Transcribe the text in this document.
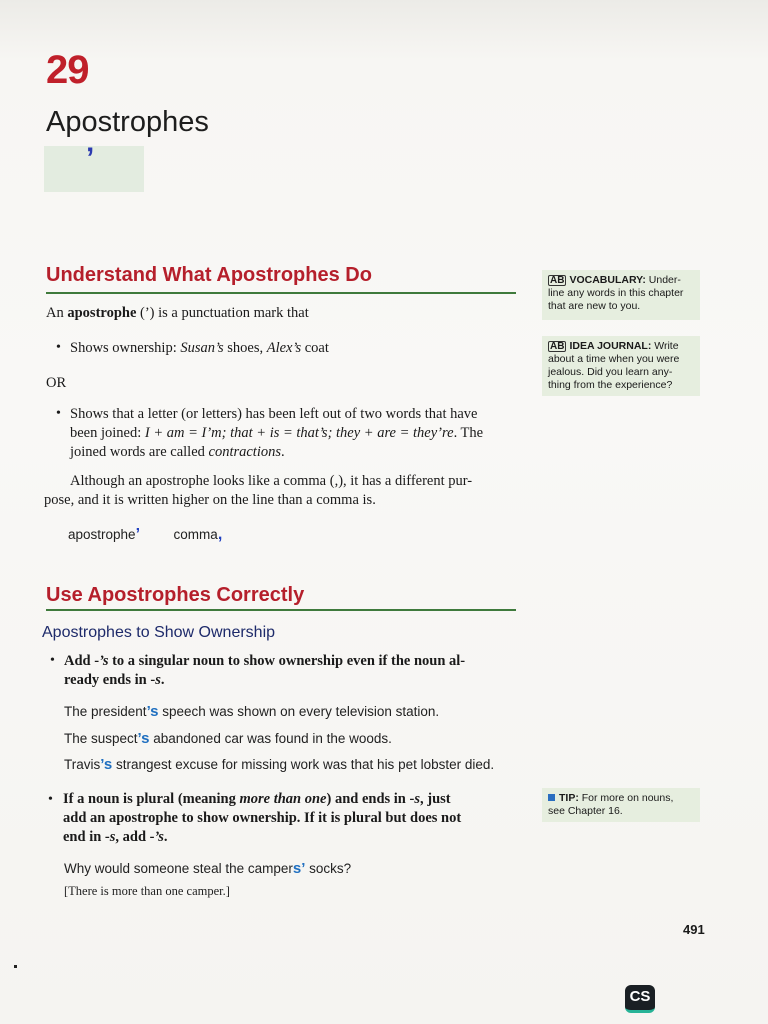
29
Apostrophes
’
Understand What Apostrophes Do
An apostrophe (’) is a punctuation mark that
• Shows ownership: Susan’s shoes, Alex’s coat
OR
• Shows that a letter (or letters) has been left out of two words that have
been joined: I + am = I’m; that + is = that’s; they + are = they’re. The
joined words are called contractions.
Although an apostrophe looks like a comma (,), it has a different pur-
pose, and it is written higher on the line than a comma is.
apostrophe’ comma,
Use Apostrophes Correctly
Apostrophes to Show Ownership
• Add -’s to a singular noun to show ownership even if the noun al-
ready ends in -s.
The president’s speech was shown on every television station.
The suspect’s abandoned car was found in the woods.
Travis’s strangest excuse for missing work was that his pet lobster died.
• If a noun is plural (meaning more than one) and ends in -s, just
add an apostrophe to show ownership. If it is plural but does not
end in -s, add -’s.
Why would someone steal the campers’ socks?
[There is more than one camper.]
AB VOCABULARY: Under-
line any words in this chapter
that are new to you.
AB IDEA JOURNAL: Write
about a time when you were
jealous. Did you learn any-
thing from the experience?
TIP: For more on nouns,
see Chapter 16.
491
CS
